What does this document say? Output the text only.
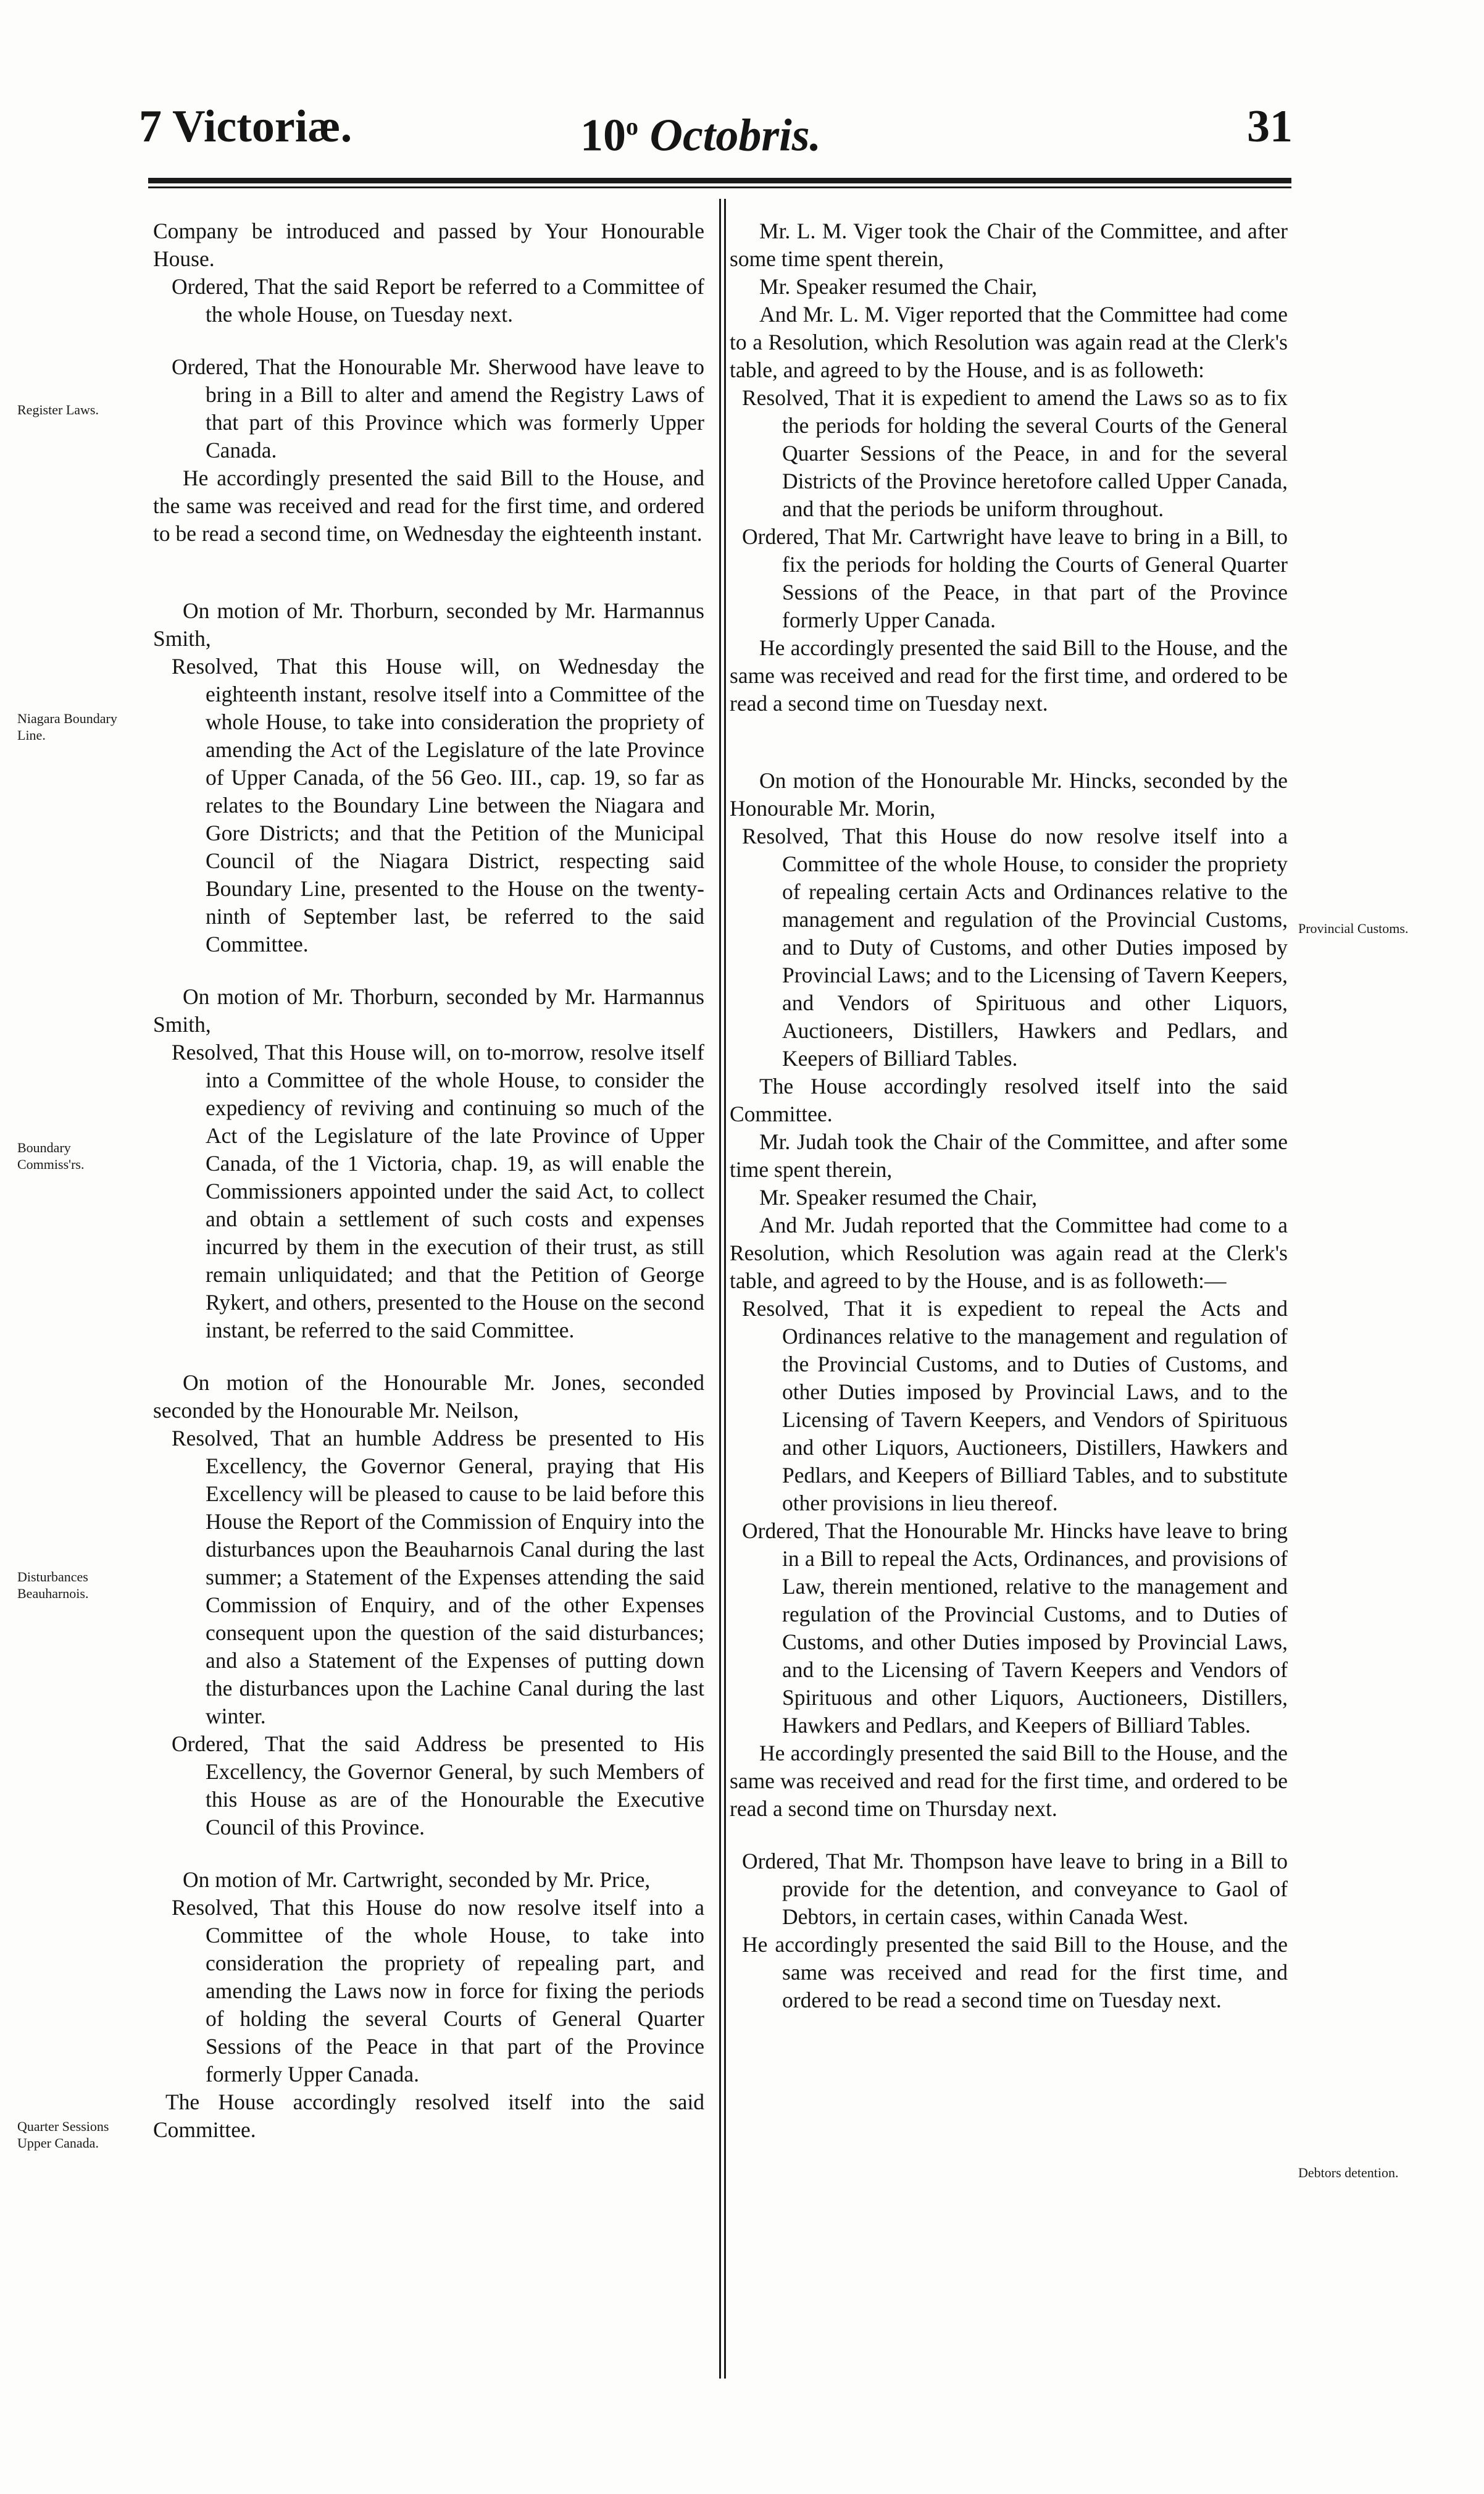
7 Victoriæ.	10$^o$ Octobris.	31
Register Laws.
Niagara Boundary Line.
Boundary Commiss'rs.
Disturbances Beauharnois.
Quarter Sessions Upper Canada.
Provincial Customs.
Debtors detention.

Company be introduced and passed by Your Honourable House.

Ordered, That the said Report be referred to a Committee of the whole House, on Tuesday next.

Ordered, That the Honourable Mr. Sherwood have leave to bring in a Bill to alter and amend the Registry Laws of that part of this Province which was formerly Upper Canada.

He accordingly presented the said Bill to the House, and the same was received and read for the first time, and ordered to be read a second time, on Wednesday the eighteenth instant.

On motion of Mr. Thorburn, seconded by Mr. Harmannus Smith,

Resolved, That this House will, on Wednesday the eighteenth instant, resolve itself into a Committee of the whole House, to take into consideration the propriety of amending the Act of the Legislature of the late Province of Upper Canada, of the 56 Geo. III., cap. 19, so far as relates to the Boundary Line between the Niagara and Gore Districts; and that the Petition of the Municipal Council of the Niagara District, respecting said Boundary Line, presented to the House on the twenty-ninth of September last, be referred to the said Committee.

On motion of Mr. Thorburn, seconded by Mr. Harmannus Smith,

Resolved, That this House will, on to-morrow, resolve itself into a Committee of the whole House, to consider the expediency of reviving and continuing so much of the Act of the Legislature of the late Province of Upper Canada, of the 1 Victoria, chap. 19, as will enable the Commissioners appointed under the said Act, to collect and obtain a settlement of such costs and expenses incurred by them in the execution of their trust, as still remain unliquidated; and that the Petition of George Rykert, and others, presented to the House on the second instant, be referred to the said Committee.

On motion of the Honourable Mr. Jones, seconded seconded by the Honourable Mr. Neilson,

Resolved, That an humble Address be presented to His Excellency, the Governor General, praying that His Excellency will be pleased to cause to be laid before this House the Report of the Commission of Enquiry into the disturbances upon the Beauharnois Canal during the last summer; a Statement of the Expenses attending the said Commission of Enquiry, and of the other Expenses consequent upon the question of the said disturbances; and also a Statement of the Expenses of putting down the disturbances upon the Lachine Canal during the last winter.

Ordered, That the said Address be presented to His Excellency, the Governor General, by such Members of this House as are of the Honourable the Executive Council of this Province.

On motion of Mr. Cartwright, seconded by Mr. Price,

Resolved, That this House do now resolve itself into a Committee of the whole House, to take into consideration the propriety of repealing part, and amending the Laws now in force for fixing the periods of holding the several Courts of General Quarter Sessions of the Peace in that part of the Province formerly Upper Canada.

The House accordingly resolved itself into the said Committee.

Mr. L. M. Viger took the Chair of the Committee, and after some time spent therein,

Mr. Speaker resumed the Chair,

And Mr. L. M. Viger reported that the Committee had come to a Resolution, which Resolution was again read at the Clerk's table, and agreed to by the House, and is as followeth:

Resolved, That it is expedient to amend the Laws so as to fix the periods for holding the several Courts of the General Quarter Sessions of the Peace, in and for the several Districts of the Province heretofore called Upper Canada, and that the periods be uniform throughout.

Ordered, That Mr. Cartwright have leave to bring in a Bill, to fix the periods for holding the Courts of General Quarter Sessions of the Peace, in that part of the Province formerly Upper Canada.

He accordingly presented the said Bill to the House, and the same was received and read for the first time, and ordered to be read a second time on Tuesday next.

On motion of the Honourable Mr. Hincks, seconded by the Honourable Mr. Morin,

Resolved, That this House do now resolve itself into a Committee of the whole House, to consider the propriety of repealing certain Acts and Ordinances relative to the management and regulation of the Provincial Customs, and to Duty of Customs, and other Duties imposed by Provincial Laws; and to the Licensing of Tavern Keepers, and Vendors of Spirituous and other Liquors, Auctioneers, Distillers, Hawkers and Pedlars, and Keepers of Billiard Tables.

The House accordingly resolved itself into the said Committee.

Mr. Judah took the Chair of the Committee, and after some time spent therein,

Mr. Speaker resumed the Chair,

And Mr. Judah reported that the Committee had come to a Resolution, which Resolution was again read at the Clerk's table, and agreed to by the House, and is as followeth:—

Resolved, That it is expedient to repeal the Acts and Ordinances relative to the management and regulation of the Provincial Customs, and to Duties of Customs, and other Duties imposed by Provincial Laws, and to the Licensing of Tavern Keepers, and Vendors of Spirituous and other Liquors, Auctioneers, Distillers, Hawkers and Pedlars, and Keepers of Billiard Tables, and to substitute other provisions in lieu thereof.

Ordered, That the Honourable Mr. Hincks have leave to bring in a Bill to repeal the Acts, Ordinances, and provisions of Law, therein mentioned, relative to the management and regulation of the Provincial Customs, and to Duties of Customs, and other Duties imposed by Provincial Laws, and to the Licensing of Tavern Keepers and Vendors of Spirituous and other Liquors, Auctioneers, Distillers, Hawkers and Pedlars, and Keepers of Billiard Tables.

He accordingly presented the said Bill to the House, and the same was received and read for the first time, and ordered to be read a second time on Thursday next.

Ordered, That Mr. Thompson have leave to bring in a Bill to provide for the detention, and conveyance to Gaol of Debtors, in certain cases, within Canada West.

He accordingly presented the said Bill to the House, and the same was received and read for the first time, and ordered to be read a second time on Tuesday next.
